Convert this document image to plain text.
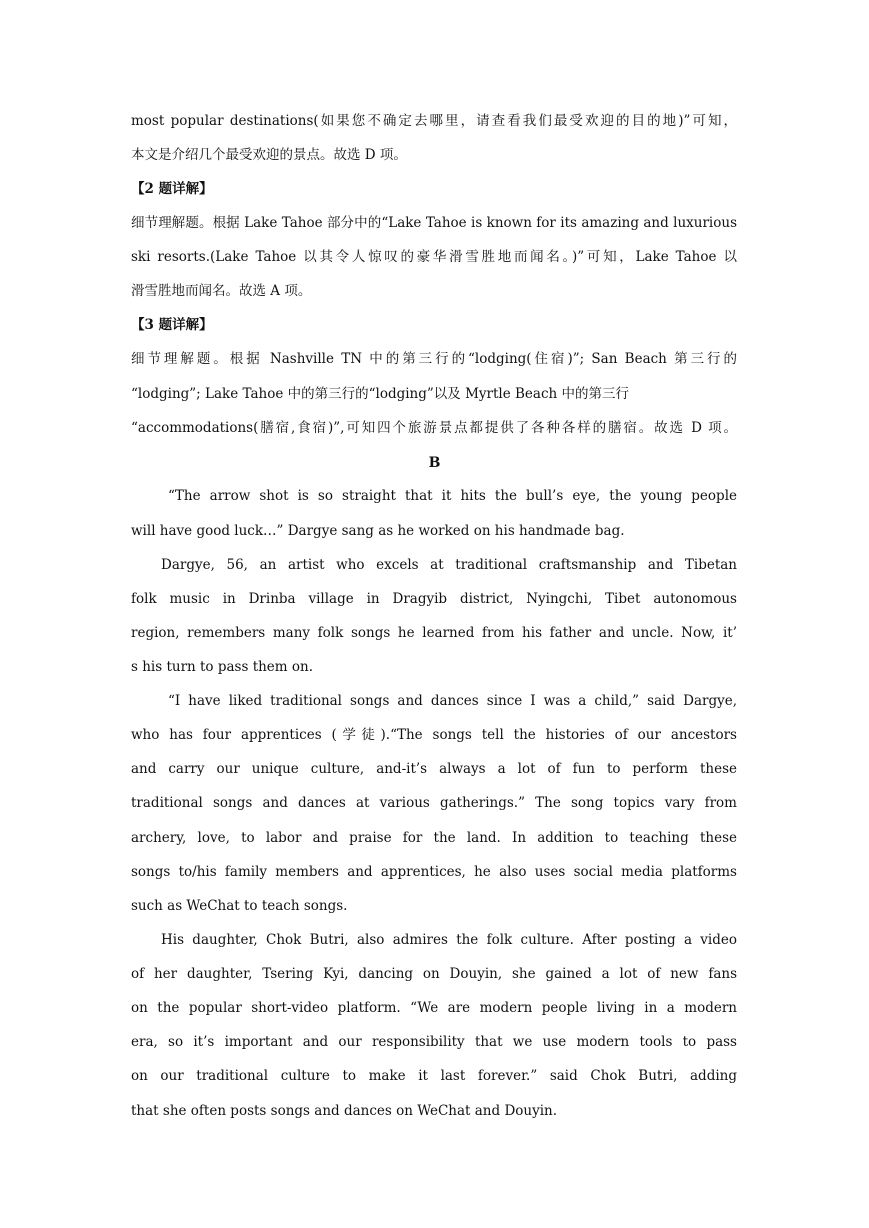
most popular destinations(如果您不确定去哪里，请查看我们最受欢迎的目的地)”可知，
本文是介绍几个最受欢迎的景点。故选 D 项。
【2 题详解】
细节理解题。根据 Lake Tahoe 部分中的“Lake Tahoe is known for its amazing and luxurious
ski resorts.(Lake Tahoe 以其令人惊叹的豪华滑雪胜地而闻名。)”可知，Lake Tahoe 以
滑雪胜地而闻名。故选 A 项。
【3 题详解】
细节理解题。根据 Nashville TN 中的第三行的“lodging(住宿)”; San Beach 第三行的
“lodging”; Lake Tahoe 中的第三行的“lodging”以及 Myrtle Beach 中的第三行
“accommodations(膳宿,食宿)”,可知四个旅游景点都提供了各种各样的膳宿。故选 D 项。
B
“The arrow shot is so straight that it hits the bull’s eye, the young people
will have good luck…” Dargye sang as he worked on his handmade bag.
Dargye, 56, an artist who excels at traditional craftsmanship and Tibetan
folk music in Drinba village in Dragyib district, Nyingchi, Tibet autonomous
region, remembers many folk songs he learned from his father and uncle. Now, it’
s his turn to pass them on.
“I have liked traditional songs and dances since I was a child,” said Dargye,
who has four apprentices (学徒).“The songs tell the histories of our ancestors
and carry our unique culture, and-it’s always a lot of fun to perform these
traditional songs and dances at various gatherings.” The song topics vary from
archery, love, to labor and praise for the land. In addition to teaching these
songs to/his family members and apprentices, he also uses social media platforms
such as WeChat to teach songs.
His daughter, Chok Butri, also admires the folk culture. After posting a video
of her daughter, Tsering Kyi, dancing on Douyin, she gained a lot of new fans
on the popular short-video platform. “We are modern people living in a modern
era, so it’s important and our responsibility that we use modern tools to pass
on our traditional culture to make it last forever.” said Chok Butri, adding
that she often posts songs and dances on WeChat and Douyin.
